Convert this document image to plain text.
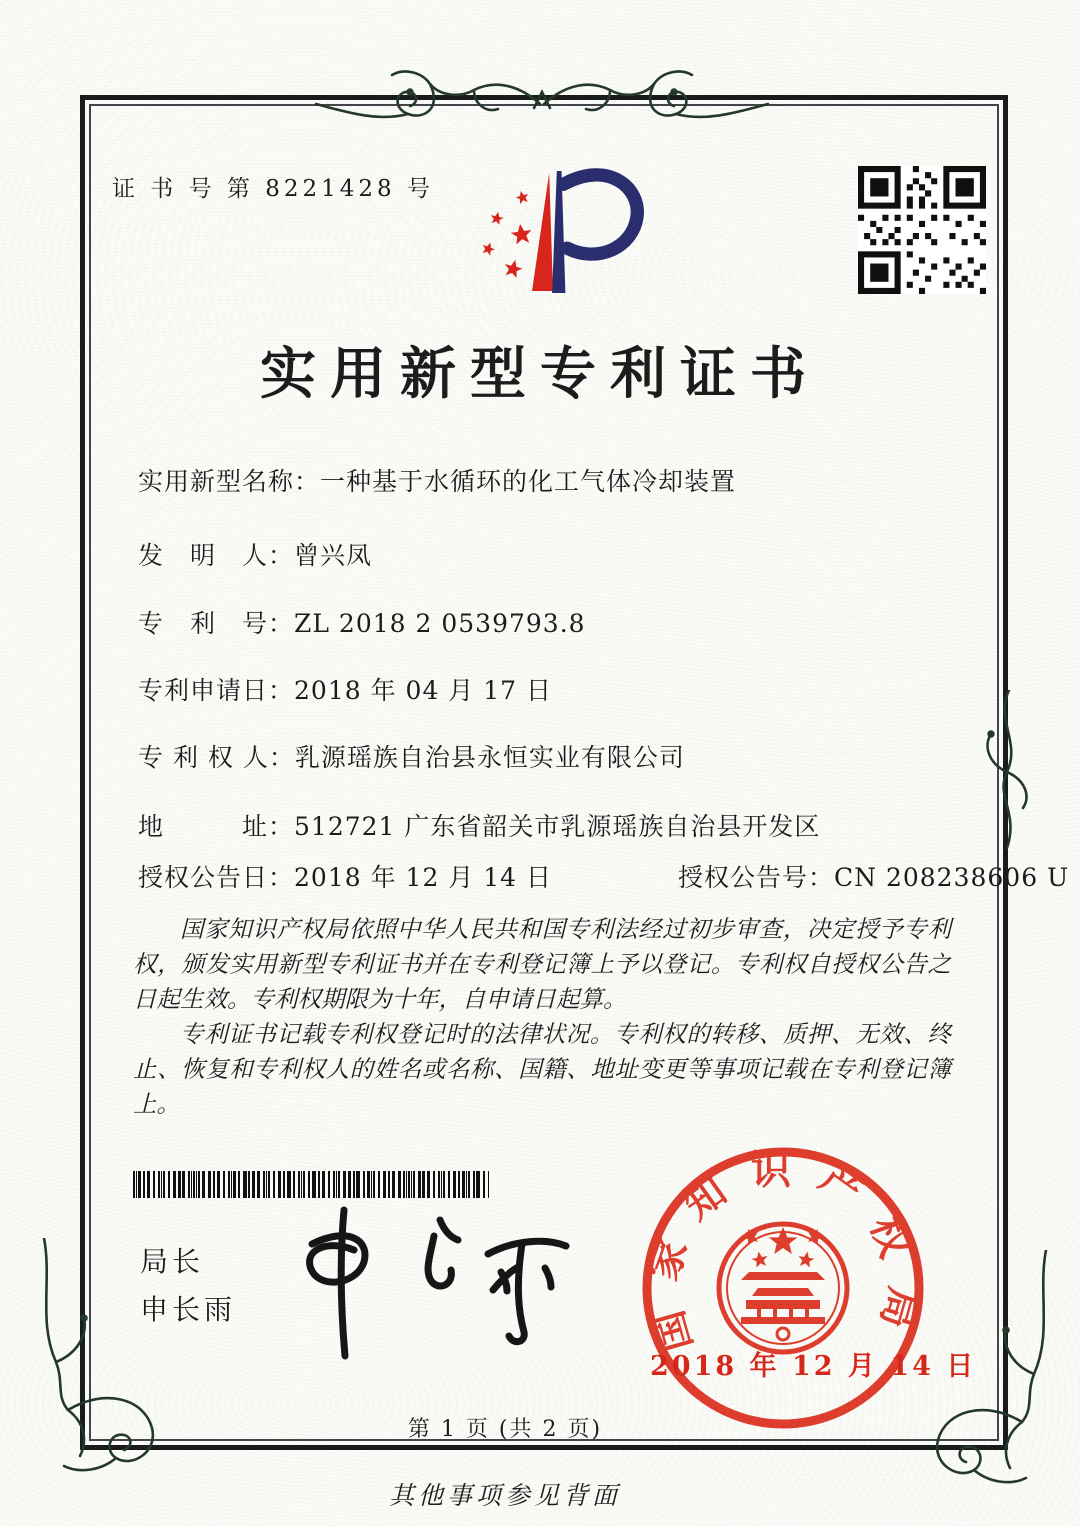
证 书 号 第 8221428 号
实用新型专利证书
实用新型名称：一种基于水循环的化工气体冷却装置
发　明　人：曾兴凤
专　利　号：ZL 2018 2 0539793.8
专利申请日：2018 年 04 月 17 日
专 利 权 人：乳源瑶族自治县永恒实业有限公司
地　　　址：512721 广东省韶关市乳源瑶族自治县开发区
授权公告日：2018 年 12 月 14 日	授权公告号：CN 208238606 U

国家知识产权局依照中华人民共和国专利法经过初步审查，决定授予专利权，颁发实用新型专利证书并在专利登记簿上予以登记。专利权自授权公告之日起生效。专利权期限为十年，自申请日起算。

专利证书记载专利权登记时的法律状况。专利权的转移、质押、无效、终止、恢复和专利权人的姓名或名称、国籍、地址变更等事项记载在专利登记簿上。

局长
申长雨	国家知识产权局
2018 年 12 月 14 日
第 1 页 (共 2 页)
其他事项参见背面
